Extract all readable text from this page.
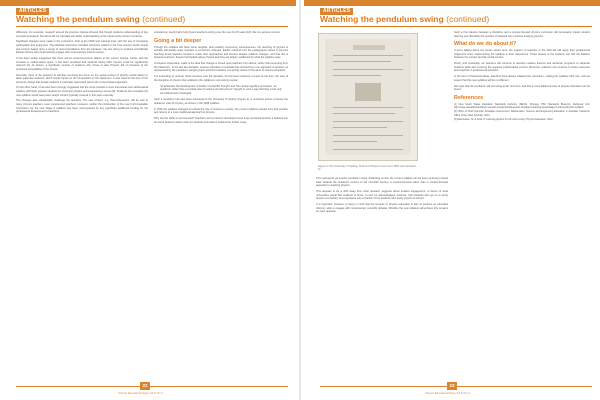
ARTICLES
Watching the pendulum swing (continued)

difference. For example, research around the previous change showed that though students understanding of key concepts increased, this alone did not translate into better understanding of the nature and process of science.

Significant changes were made in the curriculum, both at the NSW and national level, with the aim of increasing participation and enjoyment. The National Curriculum included outcomes related to the 'how science works' strand and content based upon a range of recommendations from the literature, the aim being to produce scientifically literate citizens who could actively engage with contemporary science issues.

It has been widely suggested that there will be several knock-on effects of the current change. Firstly, with the increase in mathematical rigour, it has been predicted that students taking HSC physics could be significantly reduced [2]. As shown, a significant number of students who chose to take Physics did so because of the perceived accessibility of the course.

Secondly, there is the question of whether removing the focus on the social context of physics would attract or deter particular students, which would impact on the composition of the classroom. It was noted at the time of the previous change that female students in particular responded well to the context-based approach.

On the other hand, it has also been strongly suggested that the move towards a more theoretical and mathematical syllabus will better prepare students for university physics and engineering courses [6]. Students who complete the new syllabus would have been taught content typically covered in first-year university.

The changes also substantially challenge the teachers. The new content, e.g. thermodynamics, will be new to many physics teachers, even experienced teachers. However, neither the introduction of the new K-10 Australian Curriculum nor the new Stage 6 syllabus has been accompanied by any significant additional funding for the professional development of teachers.

considering: nearly half of all physics teachers retiring over the next 10-15 years [16], this is a serious concern.

Going a bit deeper

Though the syllabus will have some tangible, and possibly concerning consequences, the teaching of physics is actually intrinsically quite resistant to curriculum changes. Earlier research into the pedagogical values of physics teaching found teachers tended to retain their approaches and lessons despite syllabus changes, and that this is because teachers' deeper held beliefs about physics teaching are largely unaffected by what the syllabus says.

A frequent observation made is the idea that change is forced upon teachers from above, rather than emerging from the classroom. In the last few decades, science education in Australia has lurched from one approach to another, as represented by the pendulum swinging back and forth between competing visions of the aims of science education.

It is interesting to uncover these tensions over the decades. As has been noted by a report at the time, the view of the discipline of physics that underpins the syllabus is not entirely neutral.

"emphasised 'the development of bodies of scientific thought' and 'the central cognitive processes', an academic rather than a societal view of science and the person" (taught in such a way that they could only be understood in hindsight)

Such a pendulum has also been discussed at the University of Sydney (Figure 2), a university known to favour the academic view of physics, as shown in the 1965 syllabus.

In 2001 the syllabus changed to include the role of science in society; the current syllabus retreats from that position and returns to a more traditional approach to physics.

Why are the shifts so pronounced? Teachers and curriculum developers have long wondered whether a balance can be found between what is best for students and what is required for further study.

22
Science Educational News Vol 67 No 2
ARTICLES
Watching the pendulum swing (continued)
Figure 2: The University of Sydney, School of Physics exam from 1965 (see Question 5).

This represents yet another pendulum swing. Reflecting on this, the current syllabus can be seen as having moved back towards the academic content of the mid-20th century, a content-focused rather than a context-focused approach to teaching physics.

This appears to be a shift away from what research suggests about student engagement, in favour of what universities would like students to know. It must be acknowledged, however, that students who go on to study physics at a tertiary level represent only a fraction of the students who study physics at school.

It is important, however, to keep in mind that the purpose of physics education is also to produce an educated citizenry, able to engage with contemporary scientific debates. Whether the new syllabus will achieve this remains an open question.

Such a fine balance between a discipline and a society-focused physics curriculum will necessarily impact student learning and ultimately the number of students who continue studying physics.

What do we do about it?

If we're talking about the issues raised here, the majority of teachers in the field will still apply their professional judgement when implementing the syllabus in their classrooms. Those closest to the students can find the balance between the content and the social context.

Firstly, and practically, we teachers will continue to develop creative lessons and authentic programs to captivate students while also covering the required mathematical content. Moreover, teachers can continue to share resources and expertise in professional networks.

In the face of theoretical ideas, teachers have always adapted the curriculum, making the syllabus their own, and we expect that this new syllabus will be no different.

We hope that the pendulum will not swing as far next time, and that a more balanced view of physics education can be found.

References

[1] New South Wales Education Standards Authority (NESA). Stronger HSC Standards Blueprint. Retrieved from http://www.educationstandards.nsw.edu.au/wps/portal/nesa/11-12/stage-6-learning-areas/stage-6-science/physics-syllabus

[2] Office of Chief Scientist, Australian Government. Mathematics, Science and Engineering Education in Australia. Canberra: Office of the Chief Scientist, 2014.

[3] Rasmussen, M. & Crick, P. Learning physics for the 21st century. Physics Education, 2012.

23
Science Educational News Vol 67 No 2
